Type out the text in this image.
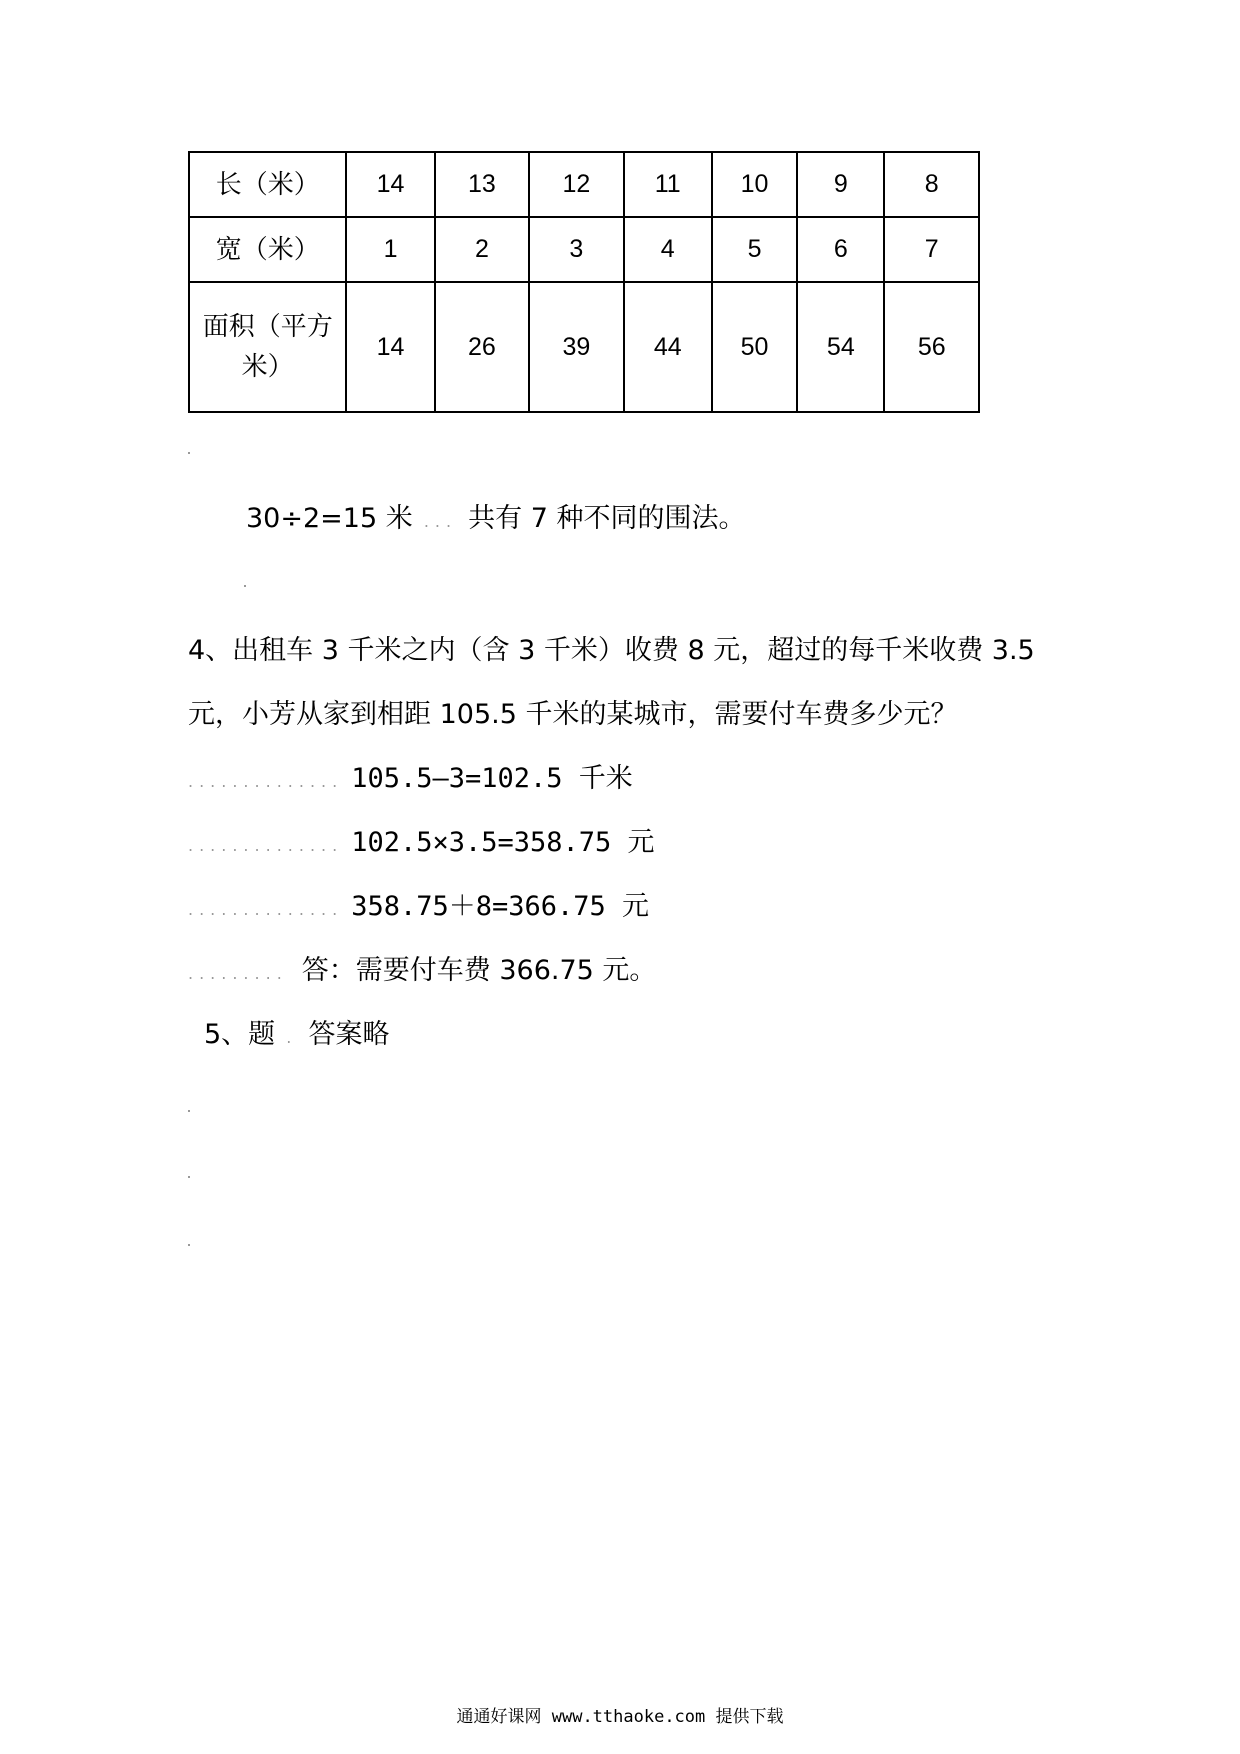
长（米）	14	13	12	11	10	9	8
宽（米）	1	2	3	4	5	6	7
面积（平方米）	14	26	39	44	50	54	56
30÷2=15 米 ... 共有 7 种不同的围法。
4、出租车 3 千米之内（含 3 千米）收费 8 元，超过的每千米收费 3.5
元，小芳从家到相距 105.5 千米的某城市，需要付车费多少元？
.............. 105.5—3=102.5 千米
.............. 102.5×3.5=358.75 元
.............. 358.75＋8=366.75 元
......... 答：需要付车费 366.75 元。
5、题 . 答案略
通通好课网 www.tthaoke.com 提供下载
